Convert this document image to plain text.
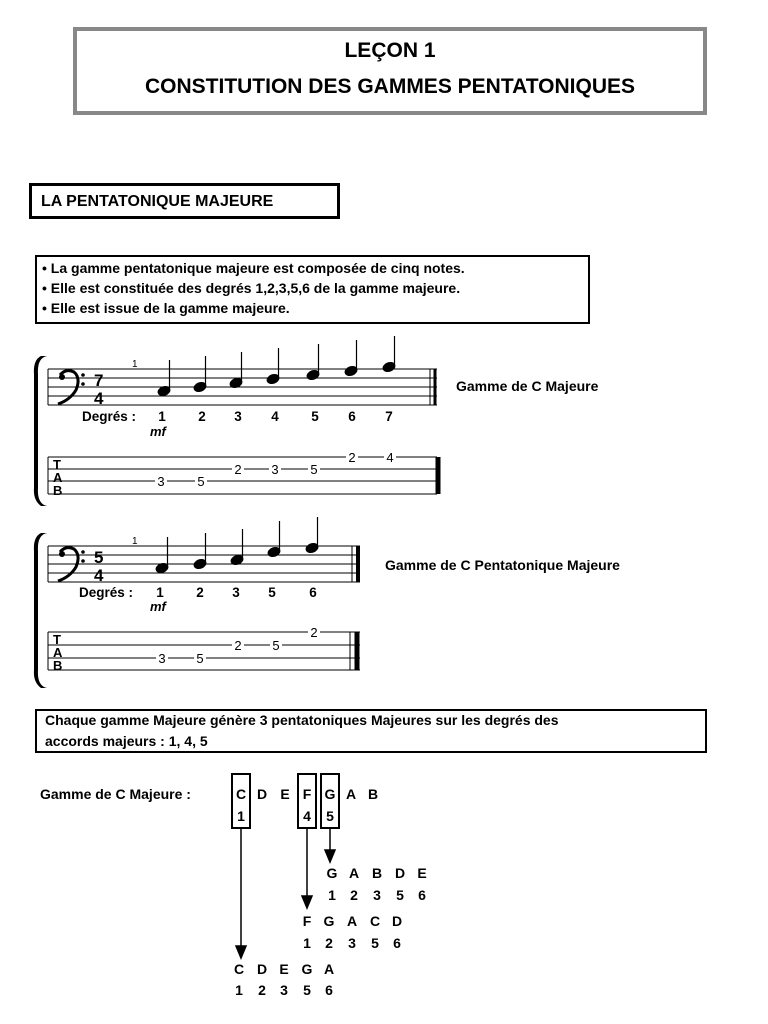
LEÇON 1
CONSTITUTION DES GAMMES PENTATONIQUES
LA PENTATONIQUE MAJEURE
• La gamme pentatonique majeure est composée de cinq notes.
• Elle est constituée des degrés 1,2,3,5,6 de la gamme majeure.
• Elle est issue de la gamme majeure.
7
4
1
Degrés : 1 2 3 4 5 6 7
mf
T
A
B
3	5
2 3 5
2 4
Gamme de C Majeure
5
4
1
Degrés : 1 2 3 5 6
mf
T
A
B	3 5
2 5
2
Gamme de C Pentatonique Majeure
Chaque gamme Majeure génère 3 pentatoniques Majeures sur les degrés des
accords majeurs : 1, 4, 5
Gamme de C Majeure :	C D E F G A B
1	4	5
G A B D E
1	2	3	5	6
F G A C D
1	2	3	5	6
C D E G A
1	2	3	5	6
